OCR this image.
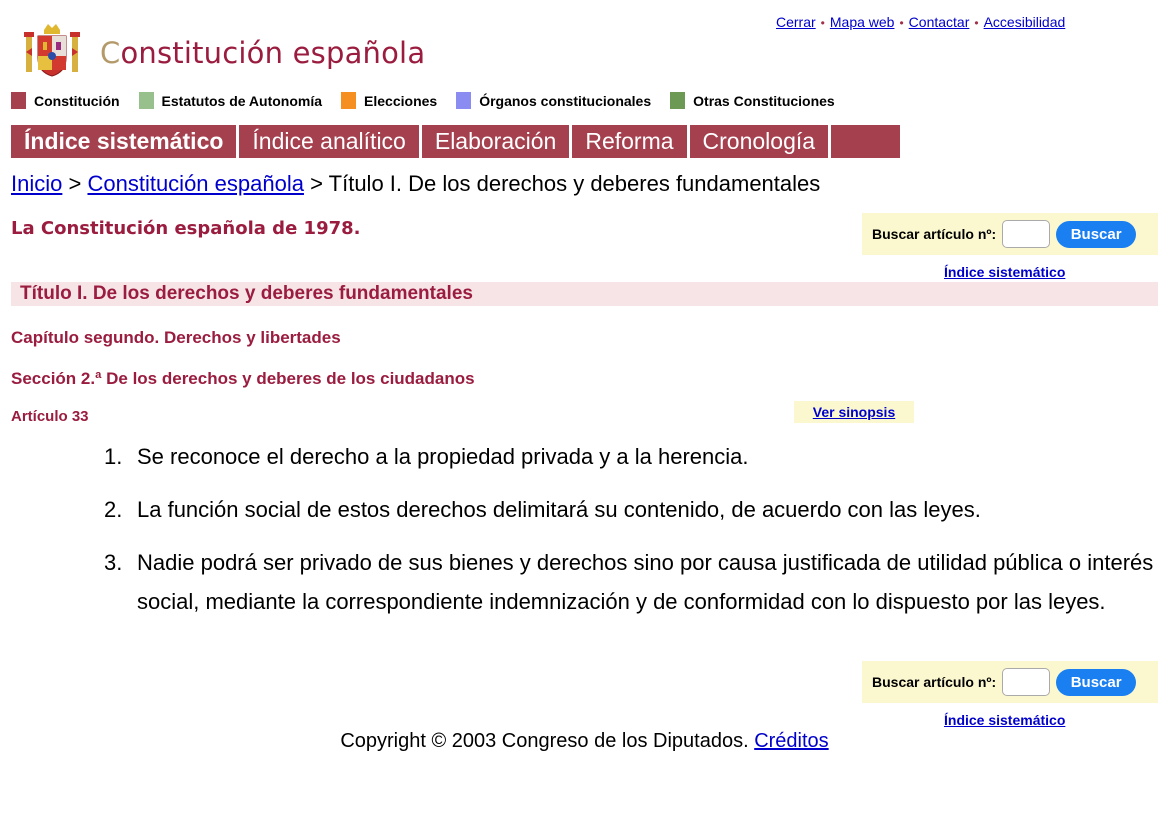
Cerrar • Mapa web • Contactar • Accesibilidad
Constitución española
Constitución	Estatutos de Autonomía	Elecciones	Órganos constitucionales	Otras Constituciones
Índice sistemático	Índice analítico	Elaboración	Reforma	Cronología
Inicio > Constitución española > Título I. De los derechos y deberes fundamentales
La Constitución española de 1978.	Buscar artículo nº:	Buscar
Índice sistemático
Título I. De los derechos y deberes fundamentales
Capítulo segundo. Derechos y libertades
Sección 2.ª De los derechos y deberes de los ciudadanos
Artículo 33	Ver sinopsis
1. Se reconoce el derecho a la propiedad privada y a la herencia.
2. La función social de estos derechos delimitará su contenido, de acuerdo con las leyes.
3. Nadie podrá ser privado de sus bienes y derechos sino por causa justificada de utilidad pública o interés social, mediante la correspondiente indemnización y de conformidad con lo dispuesto por las leyes.
Buscar artículo nº:	Buscar
Índice sistemático
Copyright © 2003 Congreso de los Diputados. Créditos
